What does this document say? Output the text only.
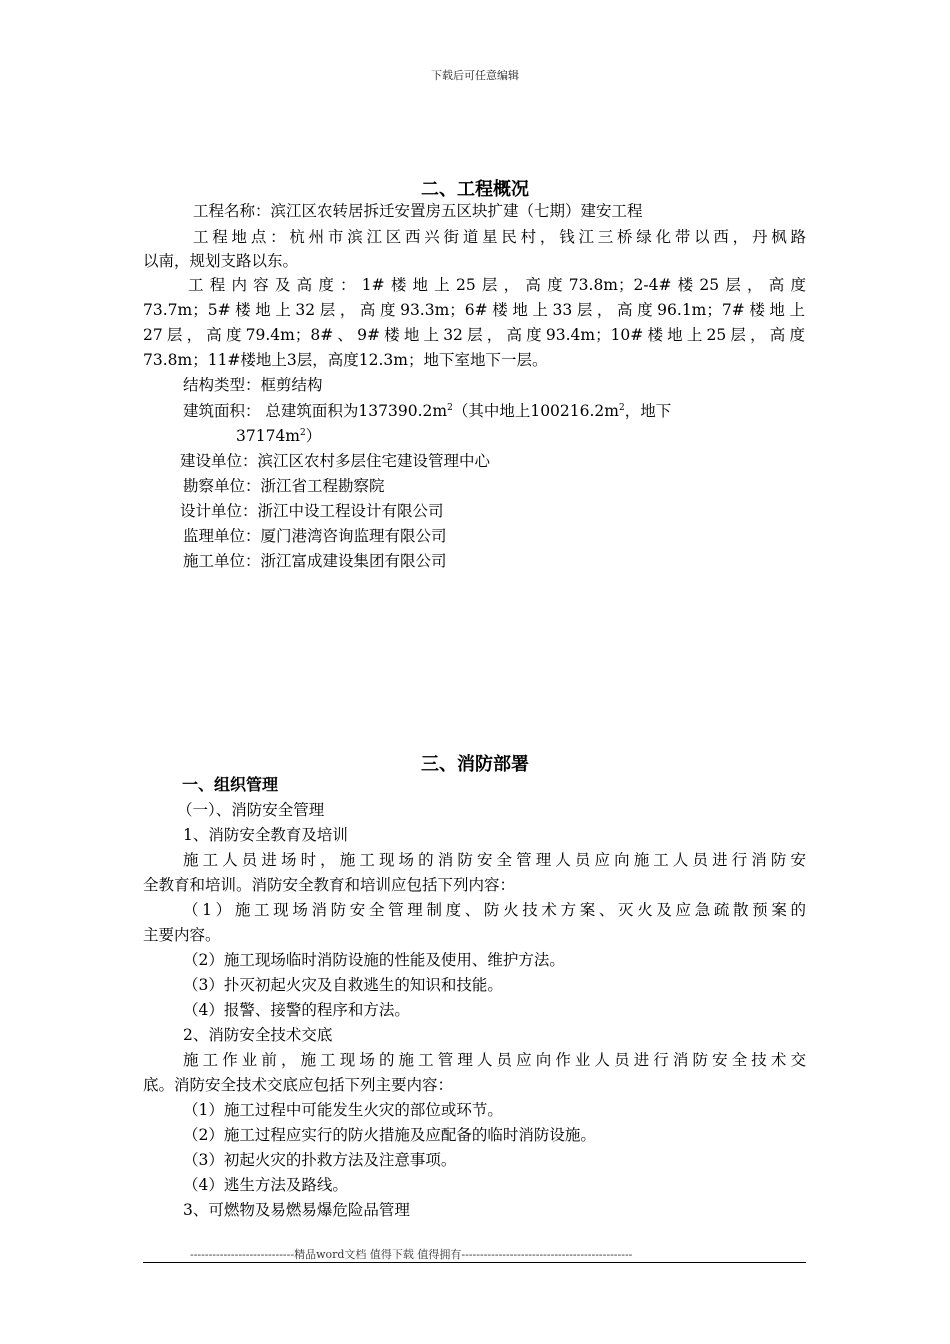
下载后可任意编辑
二、工程概况
工程名称：滨江区农转居拆迁安置房五区块扩建（七期）建安工程
工程地点：杭州市滨江区西兴街道星民村，钱江三桥绿化带以西，丹枫路
以南，规划支路以东。
工程内容及高度：1#楼地上25层，高度73.8m；2-4#楼25层，高度
73.7m；5#楼地上32层，高度93.3m；6#楼地上33层，高度96.1m；7#楼地上
27层，高度79.4m；8#、9#楼地上32层，高度93.4m；10#楼地上25层，高度
73.8m；11#楼地上3层，高度12.3m；地下室地下一层。
结构类型：框剪结构
建筑面积： 总建筑面积为$137390.2m^2$（其中地上$100216.2m^2$，地下
$37174m^2$）
建设单位：滨江区农村多层住宅建设管理中心
勘察单位：浙江省工程勘察院
设计单位：浙江中设工程设计有限公司
监理单位：厦门港湾咨询监理有限公司
施工单位：浙江富成建设集团有限公司
三、消防部署
一、组织管理
（一）、消防安全管理
1、消防安全教育及培训
施工人员进场时，施工现场的消防安全管理人员应向施工人员进行消防安
全教育和培训。消防安全教育和培训应包括下列内容：
（1）施工现场消防安全管理制度、防火技术方案、灭火及应急疏散预案的
主要内容。
（2）施工现场临时消防设施的性能及使用、维护方法。
（3）扑灭初起火灾及自救逃生的知识和技能。
（4）报警、接警的程序和方法。
2、消防安全技术交底
施工作业前，施工现场的施工管理人员应向作业人员进行消防安全技术交
底。消防安全技术交底应包括下列主要内容：
（1）施工过程中可能发生火灾的部位或环节。
（2）施工过程应实行的防火措施及应配备的临时消防设施。
（3）初起火灾的扑救方法及注意事项。
（4）逃生方法及路线。
3、可燃物及易燃易爆危险品管理
----------------------------精品word文档 值得下载 值得拥有----------------------------------------------
